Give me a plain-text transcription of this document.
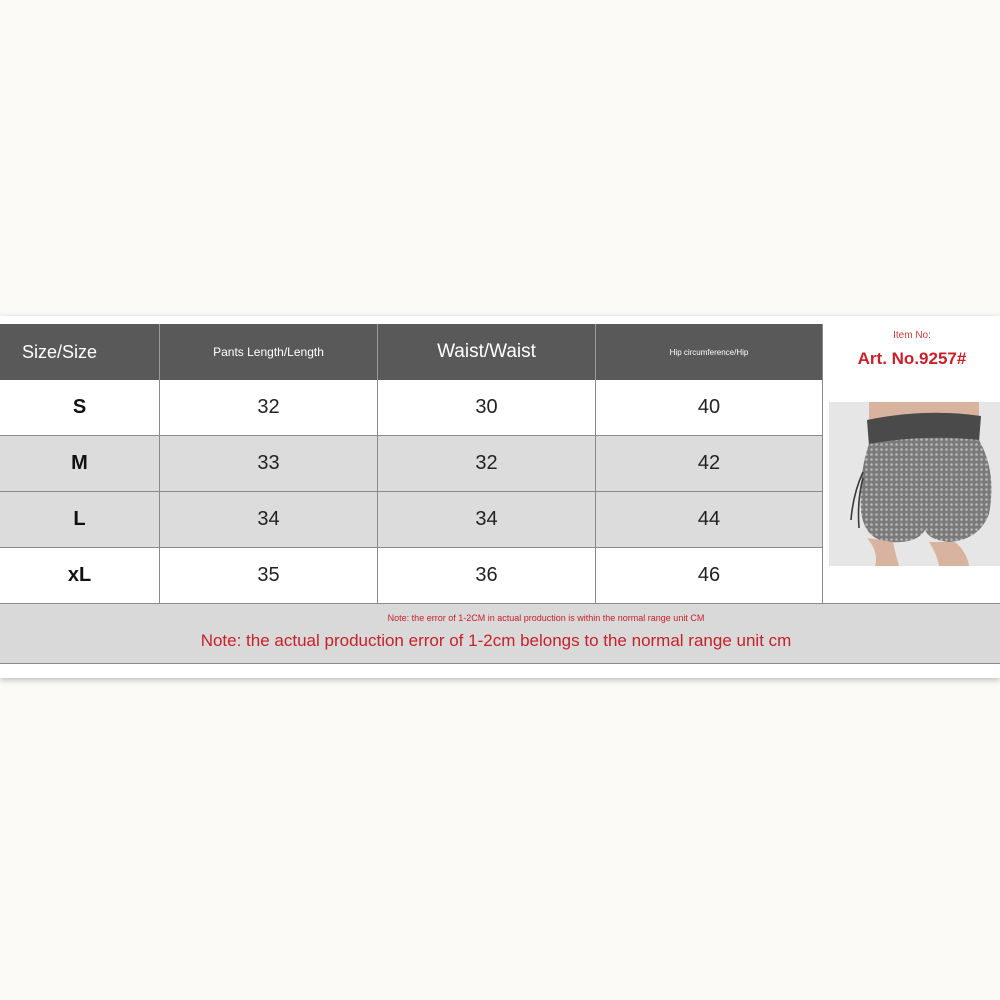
Size/Size	Pants Length/Length	Waist/Waist	Hip circumference/Hip
S	32	30	40
M	33	32	42
L	34	34	44
xL	35	36	46
Item No:
Art. No.9257#
Note: the error of 1-2CM in actual production is within the normal range unit CM
Note: the actual production error of 1-2cm belongs to the normal range unit cm
